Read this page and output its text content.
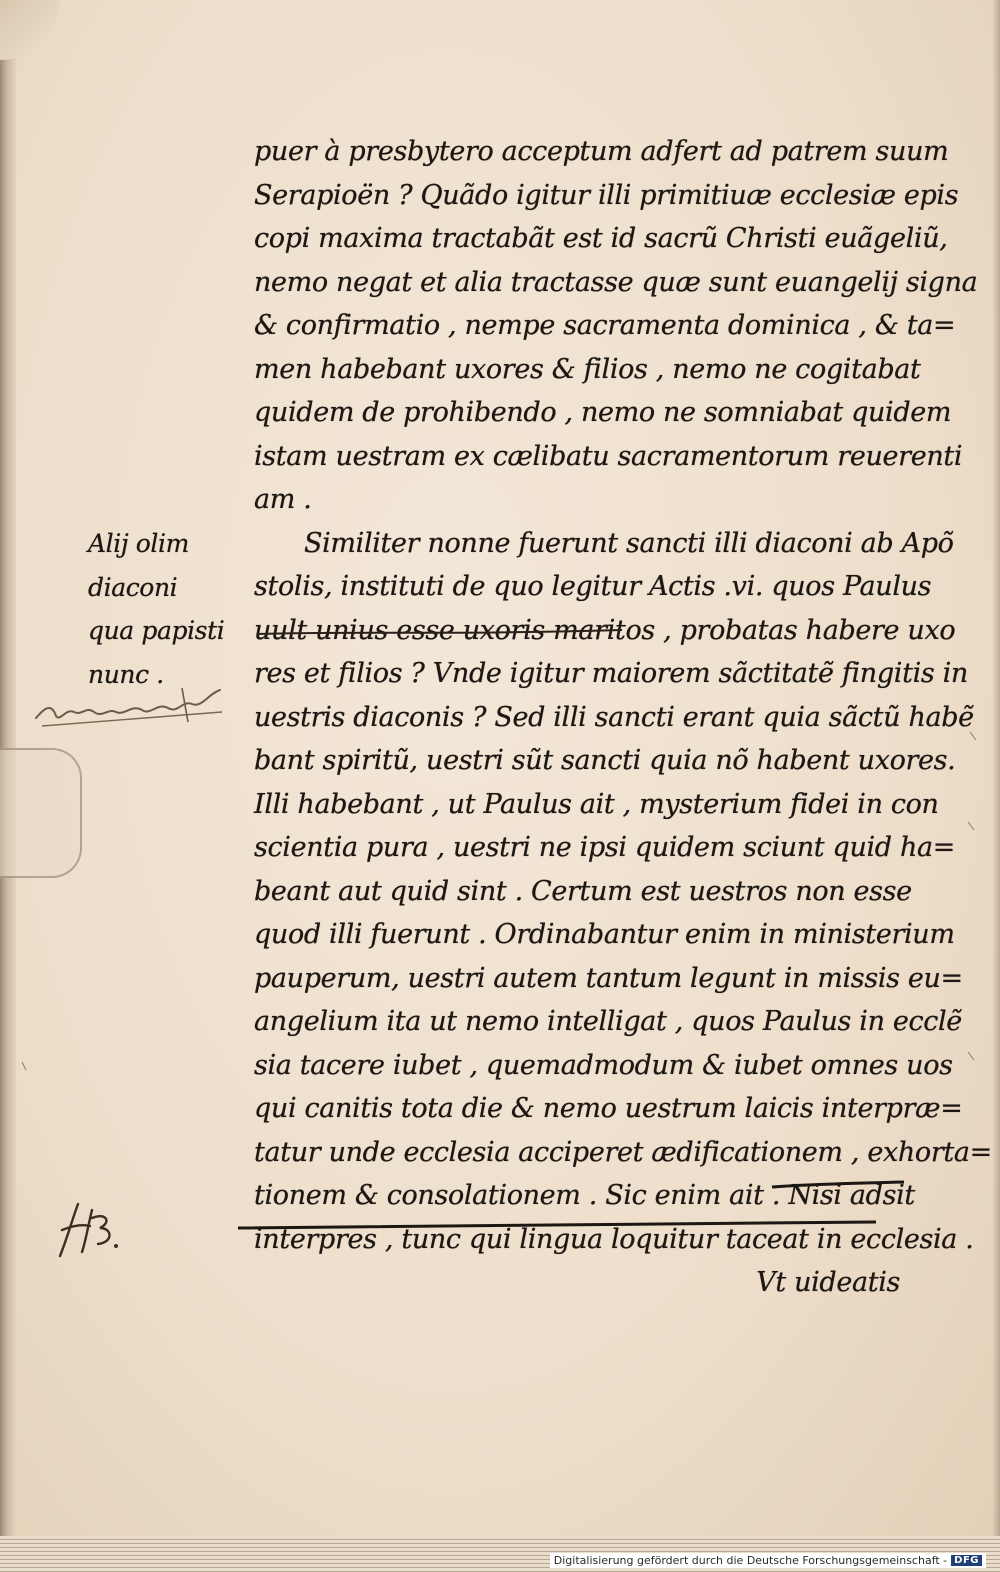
puer à presbytero acceptum adfert ad patrem suum
Serapioën ? Quãdo igitur illi primitiuæ ecclesiæ epis
copi maxima tractabãt est id sacrũ Christi euãgeliũ,
nemo negat et alia tractasse quæ sunt euangelij signa
& confirmatio , nempe sacramenta dominica , & ta=
men habebant uxores & filios , nemo ne cogitabat
quidem de prohibendo , nemo ne somniabat quidem
istam uestram ex cælibatu sacramentorum reuerenti
am .
Similiter nonne fuerunt sancti illi diaconi ab Apõ
stolis, instituti de quo legitur Actis .vi. quos Paulus
uult unius esse uxoris maritos , probatas habere uxo
res et filios ? Vnde igitur maiorem sãctitatẽ fingitis in
uestris diaconis ? Sed illi sancti erant quia sãctũ habẽ
bant spiritũ, uestri sũt sancti quia nõ habent uxores.
Illi habebant , ut Paulus ait , mysterium fidei in con
scientia pura , uestri ne ipsi quidem sciunt quid ha=
beant aut quid sint . Certum est uestros non esse
quod illi fuerunt . Ordinabantur enim in ministerium
pauperum, uestri autem tantum legunt in missis eu=
angelium ita ut nemo intelligat , quos Paulus in ecclẽ
sia tacere iubet , quemadmodum & iubet omnes uos
qui canitis tota die & nemo uestrum laicis interpræ=
tatur unde ecclesia acciperet ædificationem , exhorta=
tionem & consolationem . Sic enim ait . Nisi adsit
interpres , tunc qui lingua loquitur taceat in ecclesia .
Vt uideatis
Alij olim
diaconi
qua papisti
nunc .
Digitalisierung gefördert durch die Deutsche Forschungsgemeinschaft - DFG
